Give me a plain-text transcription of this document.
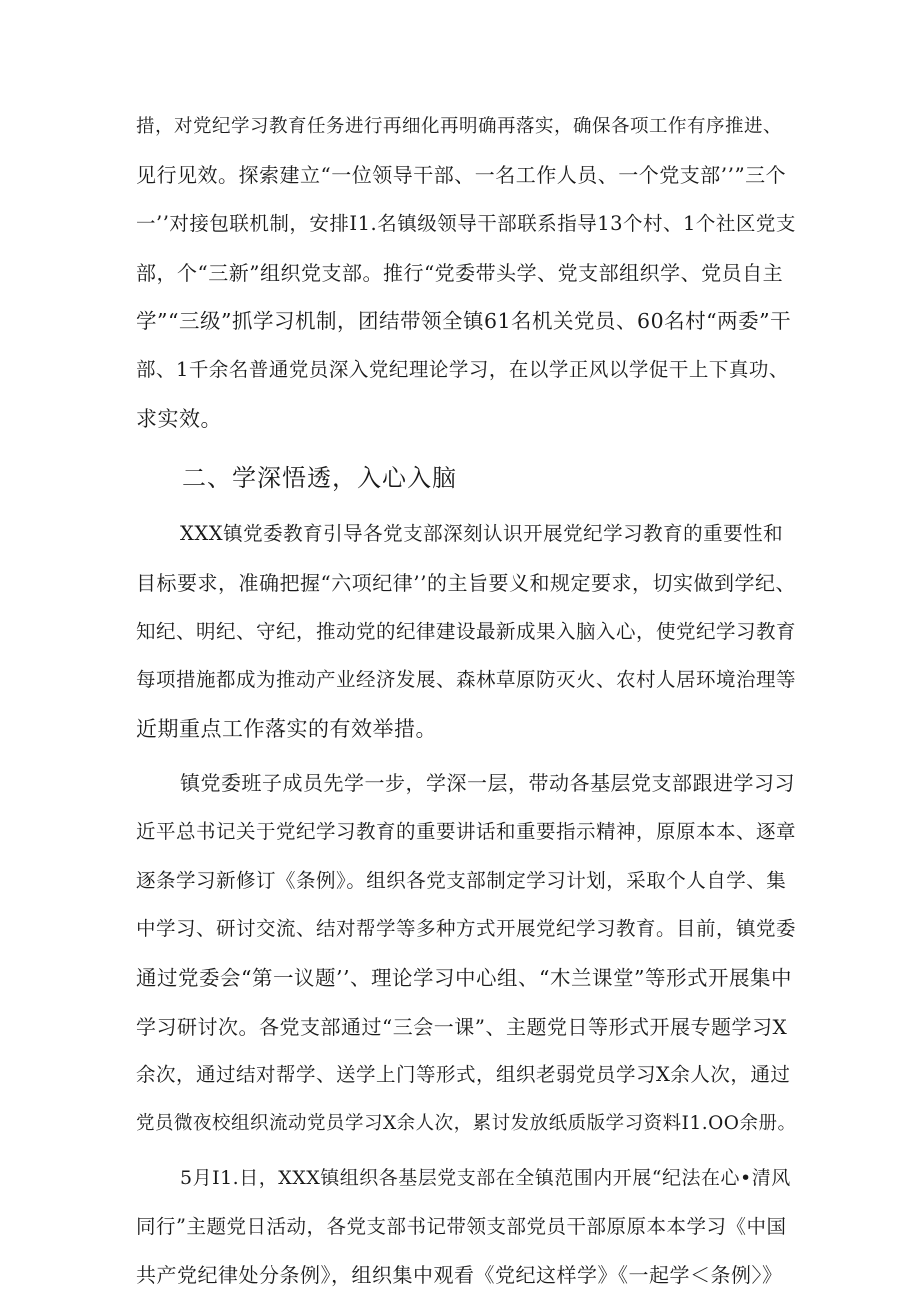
措，对党纪学习教育任务进行再细化再明确再落实，确保各项工作有序推进、
见行见效。探索建立“一位领导干部、一名工作人员、一个党支部’’”三个
一’’对接包联机制，安排I1.名镇级领导干部联系指导13个村、1个社区党支
部，个“三新”组织党支部。推行“党委带头学、党支部组织学、党员自主
学”“三级”抓学习机制，团结带领全镇61名机关党员、60名村“两委”干
部、1千余名普通党员深入党纪理论学习，在以学正风以学促干上下真功、
求实效。
二、学深悟透，入心入脑
XXX镇党委教育引导各党支部深刻认识开展党纪学习教育的重要性和
目标要求，准确把握“六项纪律’’的主旨要义和规定要求，切实做到学纪、
知纪、明纪、守纪，推动党的纪律建设最新成果入脑入心，使党纪学习教育
每项措施都成为推动产业经济发展、森林草原防灭火、农村人居环境治理等
近期重点工作落实的有效举措。
镇党委班子成员先学一步，学深一层，带动各基层党支部跟进学习习
近平总书记关于党纪学习教育的重要讲话和重要指示精神，原原本本、逐章
逐条学习新修订《条例》。组织各党支部制定学习计划，采取个人自学、集
中学习、研讨交流、结对帮学等多种方式开展党纪学习教育。目前，镇党委
通过党委会“第一议题’’、理论学习中心组、“木兰课堂”等形式开展集中
学习研讨次。各党支部通过“三会一课”、主题党日等形式开展专题学习X
余次，通过结对帮学、送学上门等形式，组织老弱党员学习X余人次，通过
党员微夜校组织流动党员学习X余人次，累讨发放纸质版学习资料I1.OO余册。
5月I1.日，XXX镇组织各基层党支部在全镇范围内开展“纪法在心•清风
同行”主题党日活动，各党支部书记带领支部党员干部原原本本学习《中国
共产党纪律处分条例》，组织集中观看《党纪这样学》《一起学＜条例〉》
